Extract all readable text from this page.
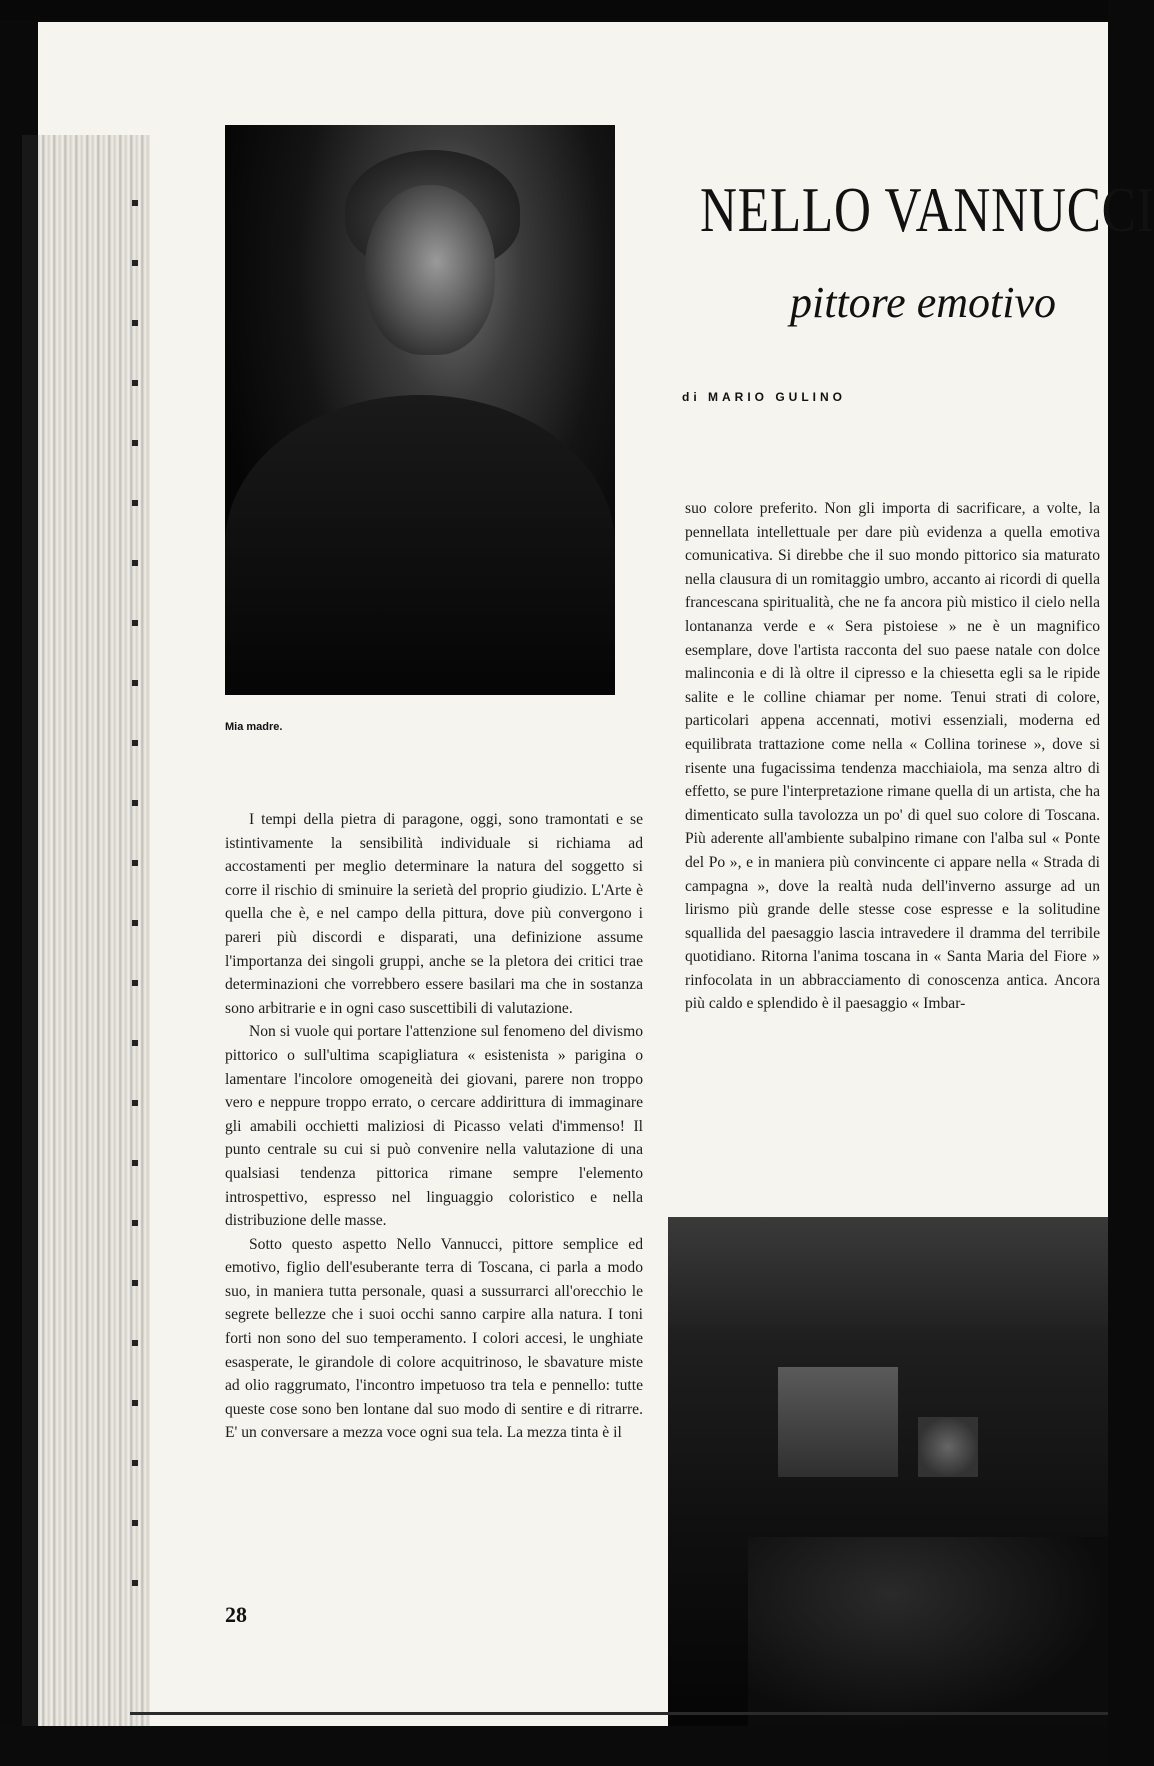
Mia madre.
NELLO VANNUCCI
pittore emotivo
di MARIO GULINO

suo colore preferito. Non gli importa di sacrificare, a volte, la pennellata intellettuale per dare più evidenza a quella emotiva comunicativa. Si direbbe che il suo mondo pittorico sia maturato nella clausura di un romitaggio umbro, accanto ai ricordi di quella francescana spiritualità, che ne fa ancora più mistico il cielo nella lontananza verde e « Sera pistoiese » ne è un magnifico esemplare, dove l'artista racconta del suo paese natale con dolce malinconia e di là oltre il cipresso e la chiesetta egli sa le ripide salite e le colline chiamar per nome. Tenui strati di colore, particolari appena accennati, motivi essenziali, moderna ed equilibrata trattazione come nella « Collina torinese », dove si risente una fugacissima tendenza macchiaiola, ma senza altro di effetto, se pure l'interpretazione rimane quella di un artista, che ha dimenticato sulla tavolozza un po' di quel suo colore di Toscana. Più aderente all'ambiente subalpino rimane con l'alba sul « Ponte del Po », e in maniera più convincente ci appare nella « Strada di campagna », dove la realtà nuda dell'inverno assurge ad un lirismo più grande delle stesse cose espresse e la solitudine squallida del paesaggio lascia intravedere il dramma del terribile quotidiano. Ritorna l'anima toscana in « Santa Maria del Fiore » rinfocolata in un abbracciamento di conoscenza antica. Ancora più caldo e splendido è il paesaggio « Imbar-

I tempi della pietra di paragone, oggi, sono tramontati e se istintivamente la sensibilità individuale si richiama ad accostamenti per meglio determinare la natura del soggetto si corre il rischio di sminuire la serietà del proprio giudizio. L'Arte è quella che è, e nel campo della pittura, dove più convergono i pareri più discordi e disparati, una definizione assume l'importanza dei singoli gruppi, anche se la pletora dei critici trae determinazioni che vorrebbero essere basilari ma che in sostanza sono arbitrarie e in ogni caso suscettibili di valutazione.

Non si vuole qui portare l'attenzione sul fenomeno del divismo pittorico o sull'ultima scapigliatura « esistenista » parigina o lamentare l'incolore omogeneità dei giovani, parere non troppo vero e neppure troppo errato, o cercare addirittura di immaginare gli amabili occhietti maliziosi di Picasso velati d'immenso! Il punto centrale su cui si può convenire nella valutazione di una qualsiasi tendenza pittorica rimane sempre l'elemento introspettivo, espresso nel linguaggio coloristico e nella distribuzione delle masse.

Sotto questo aspetto Nello Vannucci, pittore semplice ed emotivo, figlio dell'esuberante terra di Toscana, ci parla a modo suo, in maniera tutta personale, quasi a sussurrarci all'orecchio le segrete bellezze che i suoi occhi sanno carpire alla natura. I toni forti non sono del suo temperamento. I colori accesi, le unghiate esasperate, le girandole di colore acquitrinoso, le sbavature miste ad olio raggrumato, l'incontro impetuoso tra tela e pennello: tutte queste cose sono ben lontane dal suo modo di sentire e di ritrarre. E' un conversare a mezza voce ogni sua tela. La mezza tinta è il

28
